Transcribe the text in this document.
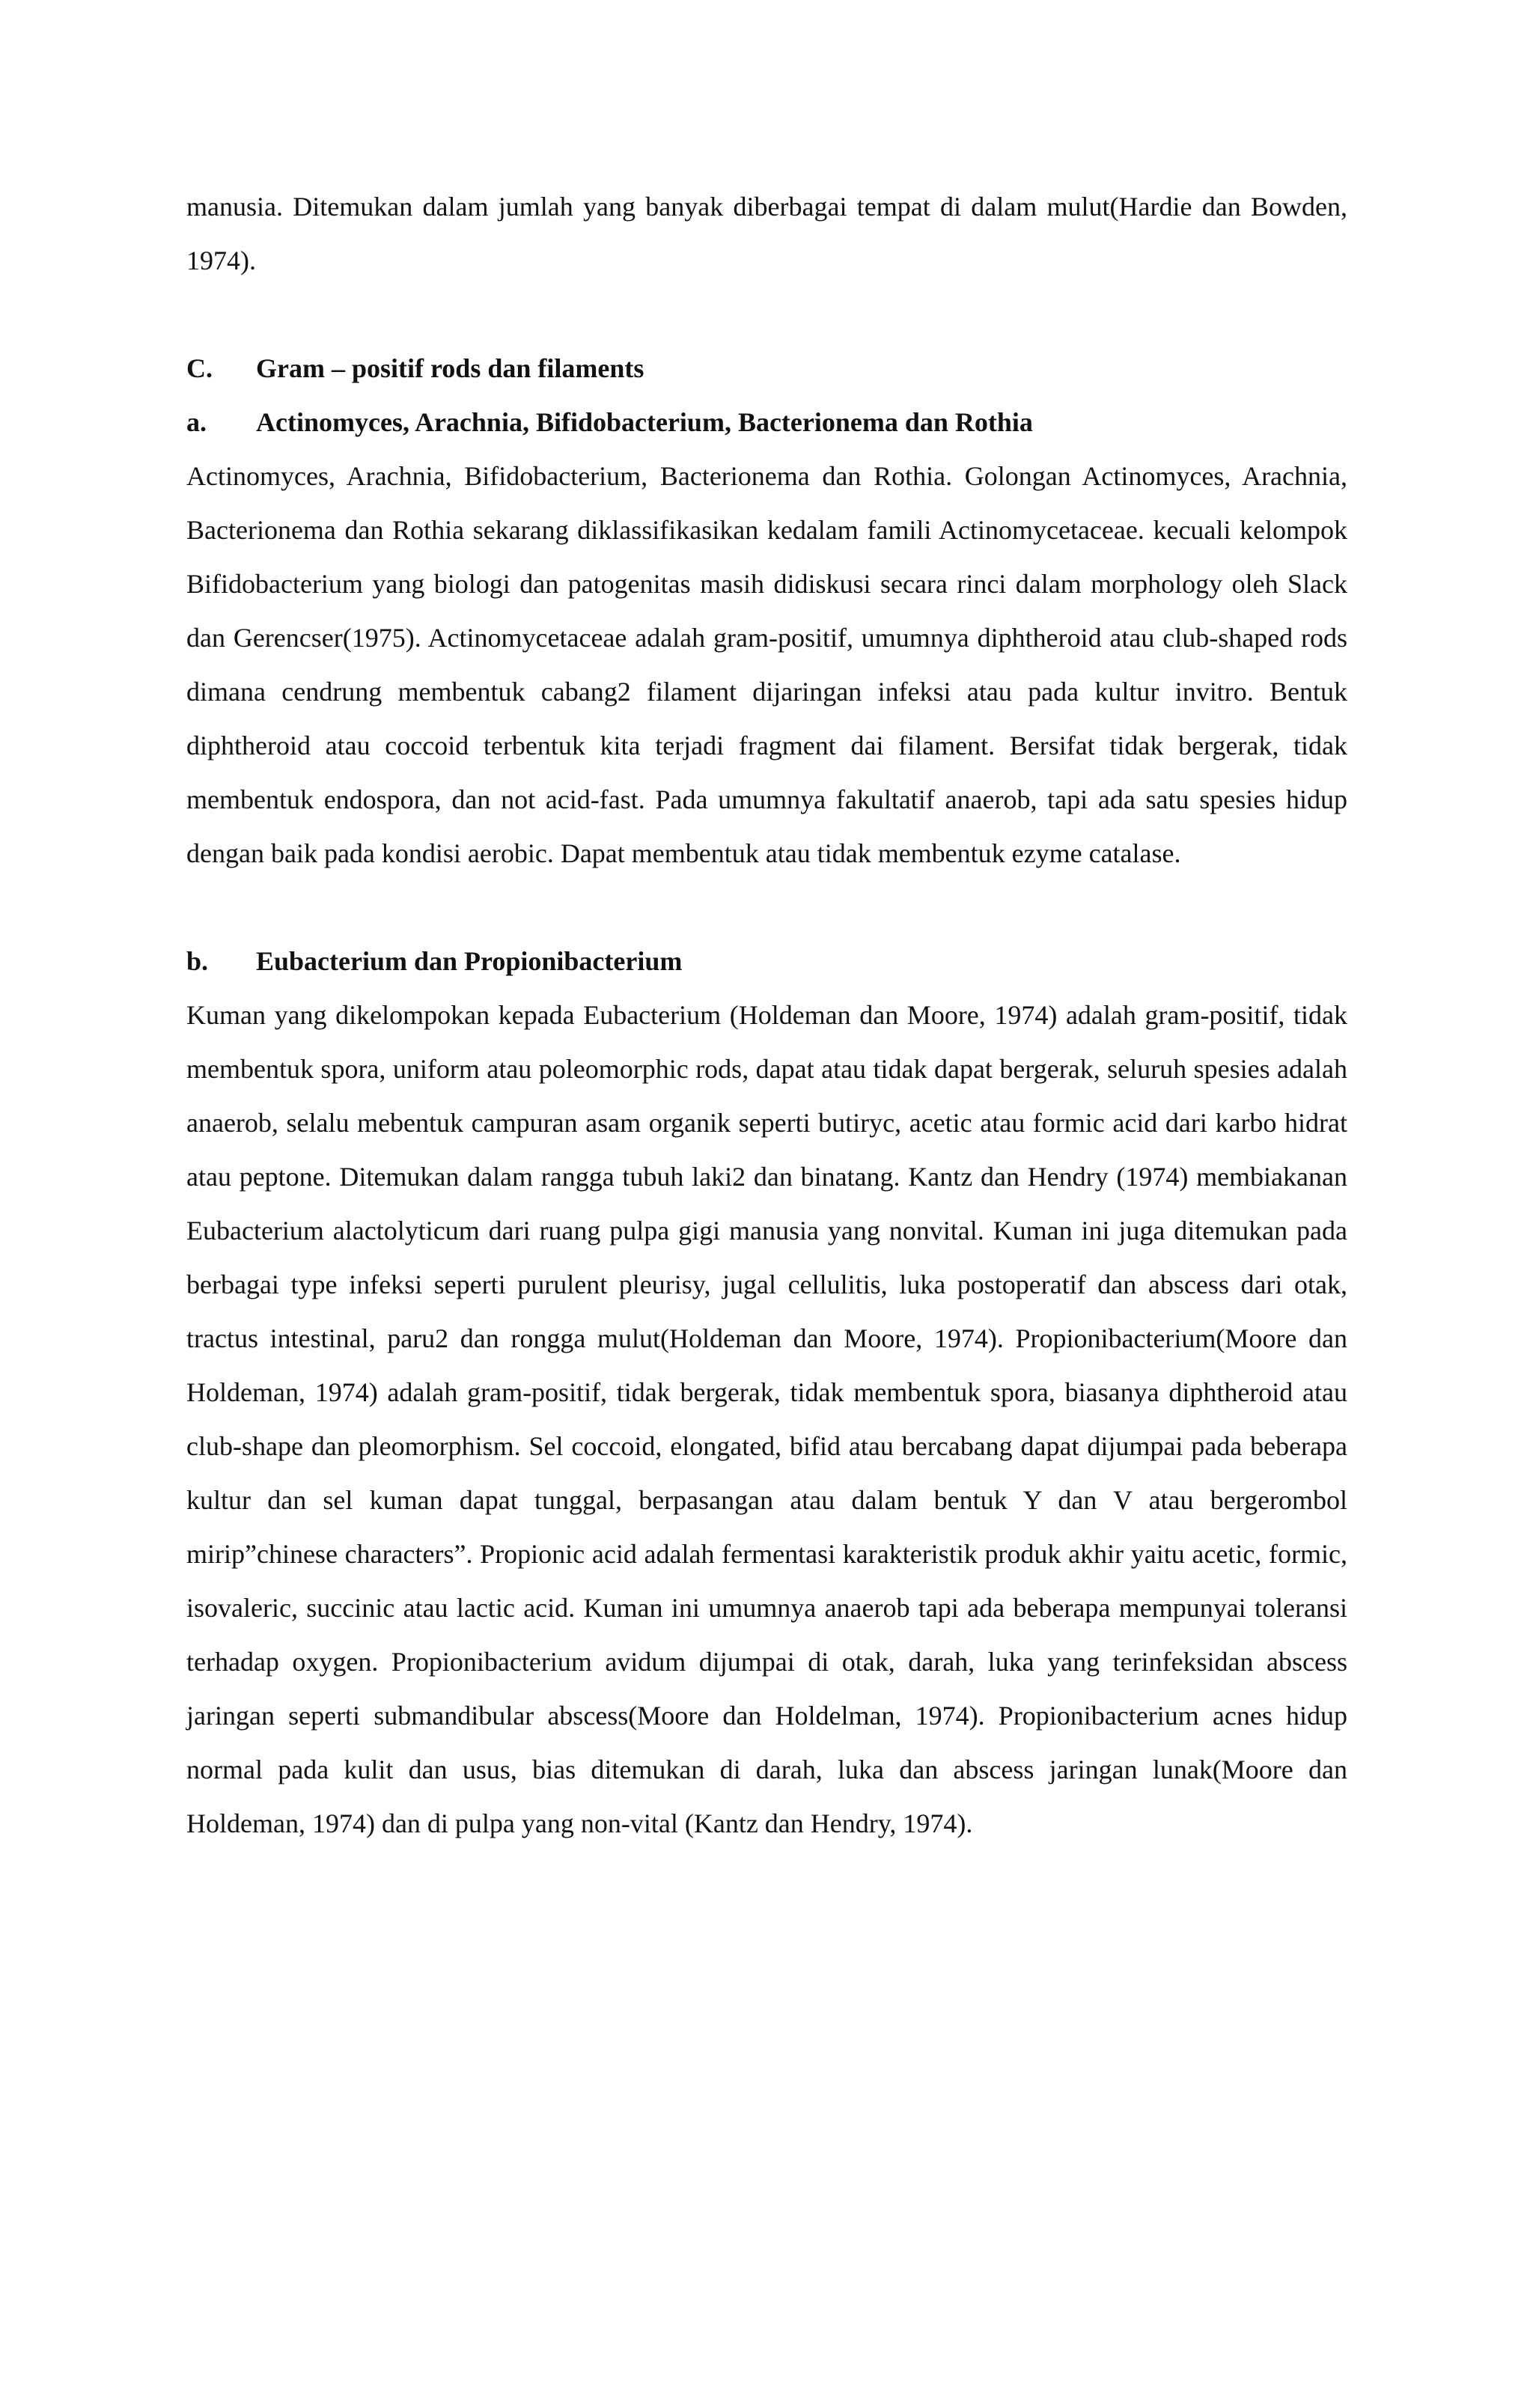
manusia. Ditemukan dalam jumlah yang banyak diberbagai tempat di dalam mulut(Hardie dan Bowden, 1974).

C. Gram – positif rods dan filaments
a. Actinomyces, Arachnia, Bifidobacterium, Bacterionema dan Rothia

Actinomyces, Arachnia, Bifidobacterium, Bacterionema dan Rothia. Golongan Actinomyces, Arachnia, Bacterionema dan Rothia sekarang diklassifikasikan kedalam famili Actinomycetaceae. kecuali kelompok Bifidobacterium yang biologi dan patogenitas masih didiskusi secara rinci dalam morphology oleh Slack dan Gerencser(1975). Actinomycetaceae adalah gram-positif, umumnya diphtheroid atau club-shaped rods dimana cendrung membentuk cabang2 filament dijaringan infeksi atau pada kultur invitro. Bentuk diphtheroid atau coccoid terbentuk kita terjadi fragment dai filament. Bersifat tidak bergerak, tidak membentuk endospora, dan not acid-fast. Pada umumnya fakultatif anaerob, tapi ada satu spesies hidup dengan baik pada kondisi aerobic. Dapat membentuk atau tidak membentuk ezyme catalase.

b. Eubacterium dan Propionibacterium

Kuman yang dikelompokan kepada Eubacterium (Holdeman dan Moore, 1974) adalah gram-positif, tidak membentuk spora, uniform atau poleomorphic rods, dapat atau tidak dapat bergerak, seluruh spesies adalah anaerob, selalu mebentuk campuran asam organik seperti butiryc, acetic atau formic acid dari karbo hidrat atau peptone. Ditemukan dalam rangga tubuh laki2 dan binatang. Kantz dan Hendry (1974) membiakanan Eubacterium alactolyticum dari ruang pulpa gigi manusia yang nonvital. Kuman ini juga ditemukan pada berbagai type infeksi seperti purulent pleurisy, jugal cellulitis, luka postoperatif dan abscess dari otak, tractus intestinal, paru2 dan rongga mulut(Holdeman dan Moore, 1974). Propionibacterium(Moore dan Holdeman, 1974) adalah gram-positif, tidak bergerak, tidak membentuk spora, biasanya diphtheroid atau club-shape dan pleomorphism. Sel coccoid, elongated, bifid atau bercabang dapat dijumpai pada beberapa kultur dan sel kuman dapat tunggal, berpasangan atau dalam bentuk Y dan V atau bergerombol mirip”chinese characters”. Propionic acid adalah fermentasi karakteristik produk akhir yaitu acetic, formic, isovaleric, succinic atau lactic acid. Kuman ini umumnya anaerob tapi ada beberapa mempunyai toleransi terhadap oxygen. Propionibacterium avidum dijumpai di otak, darah, luka yang terinfeksidan abscess jaringan seperti submandibular abscess(Moore dan Holdelman, 1974). Propionibacterium acnes hidup normal pada kulit dan usus, bias ditemukan di darah, luka dan abscess jaringan lunak(Moore dan Holdeman, 1974) dan di pulpa yang non-vital (Kantz dan Hendry, 1974).
